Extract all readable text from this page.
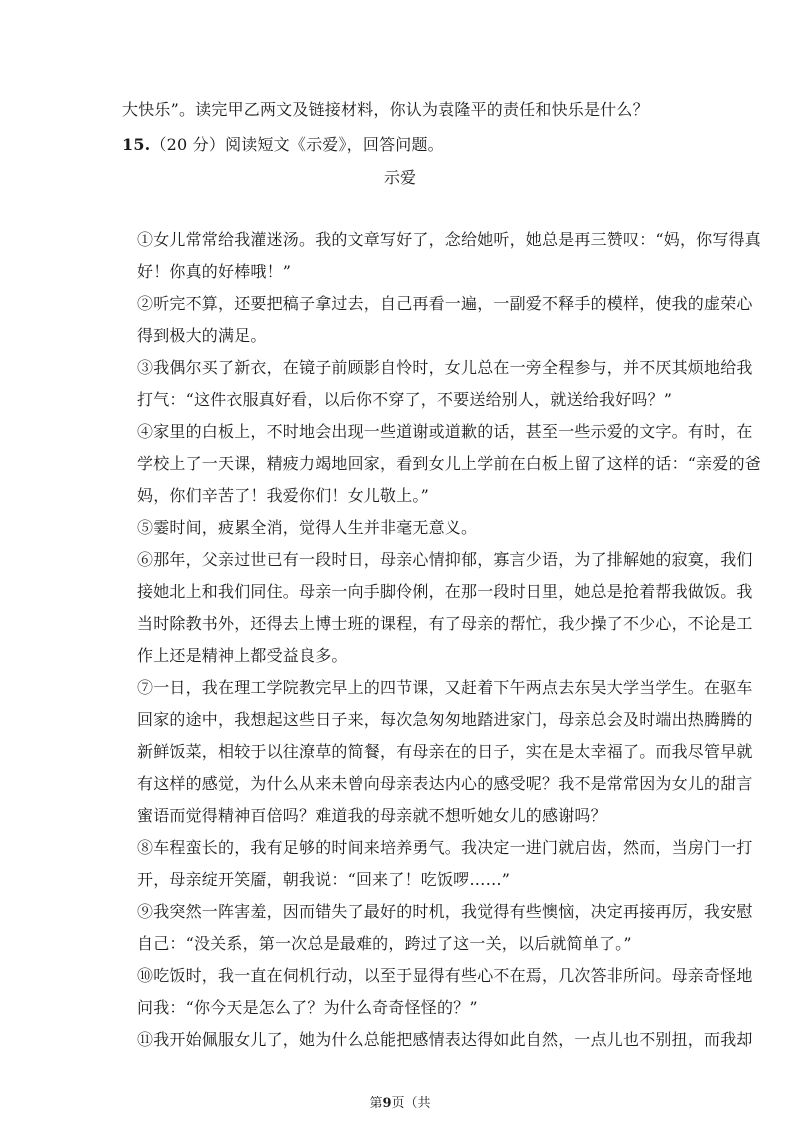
大快乐”。读完甲乙两文及链接材料，你认为袁隆平的责任和快乐是什么？
15.（20 分）阅读短文《示爱》，回答问题。
示爱
①女儿常常给我灌迷汤。我的文章写好了，念给她听，她总是再三赞叹：“妈，你写得真
好！你真的好棒哦！”
②听完不算，还要把稿子拿过去，自己再看一遍，一副爱不释手的模样，使我的虚荣心
得到极大的满足。
③我偶尔买了新衣，在镜子前顾影自怜时，女儿总在一旁全程参与，并不厌其烦地给我
打气：“这件衣服真好看，以后你不穿了，不要送给别人，就送给我好吗？”
④家里的白板上，不时地会出现一些道谢或道歉的话，甚至一些示爱的文字。有时，在
学校上了一天课，精疲力竭地回家，看到女儿上学前在白板上留了这样的话：“亲爱的爸
妈，你们辛苦了！我爱你们！女儿敬上。”
⑤霎时间，疲累全消，觉得人生并非毫无意义。
⑥那年，父亲过世已有一段时日，母亲心情抑郁，寡言少语，为了排解她的寂寞，我们
接她北上和我们同住。母亲一向手脚伶俐，在那一段时日里，她总是抢着帮我做饭。我
当时除教书外，还得去上博士班的课程，有了母亲的帮忙，我少操了不少心，不论是工
作上还是精神上都受益良多。
⑦一日，我在理工学院教完早上的四节课，又赶着下午两点去东吴大学当学生。在驱车
回家的途中，我想起这些日子来，每次急匆匆地踏进家门，母亲总会及时端出热腾腾的
新鲜饭菜，相较于以往潦草的简餐，有母亲在的日子，实在是太幸福了。而我尽管早就
有这样的感觉，为什么从来未曾向母亲表达内心的感受呢？我不是常常因为女儿的甜言
蜜语而觉得精神百倍吗？难道我的母亲就不想听她女儿的感谢吗？
⑧车程蛮长的，我有足够的时间来培养勇气。我决定一进门就启齿，然而，当房门一打
开，母亲绽开笑靥，朝我说：“回来了！吃饭啰……”
⑨我突然一阵害羞，因而错失了最好的时机，我觉得有些懊恼，决定再接再厉，我安慰
自己：“没关系，第一次总是最难的，跨过了这一关，以后就简单了。”
⑩吃饭时，我一直在伺机行动，以至于显得有些心不在焉，几次答非所问。母亲奇怪地
问我：“你今天是怎么了？为什么奇奇怪怪的？”
⑪我开始佩服女儿了，她为什么总能把感情表达得如此自然，一点儿也不别扭，而我却
第9页（共
